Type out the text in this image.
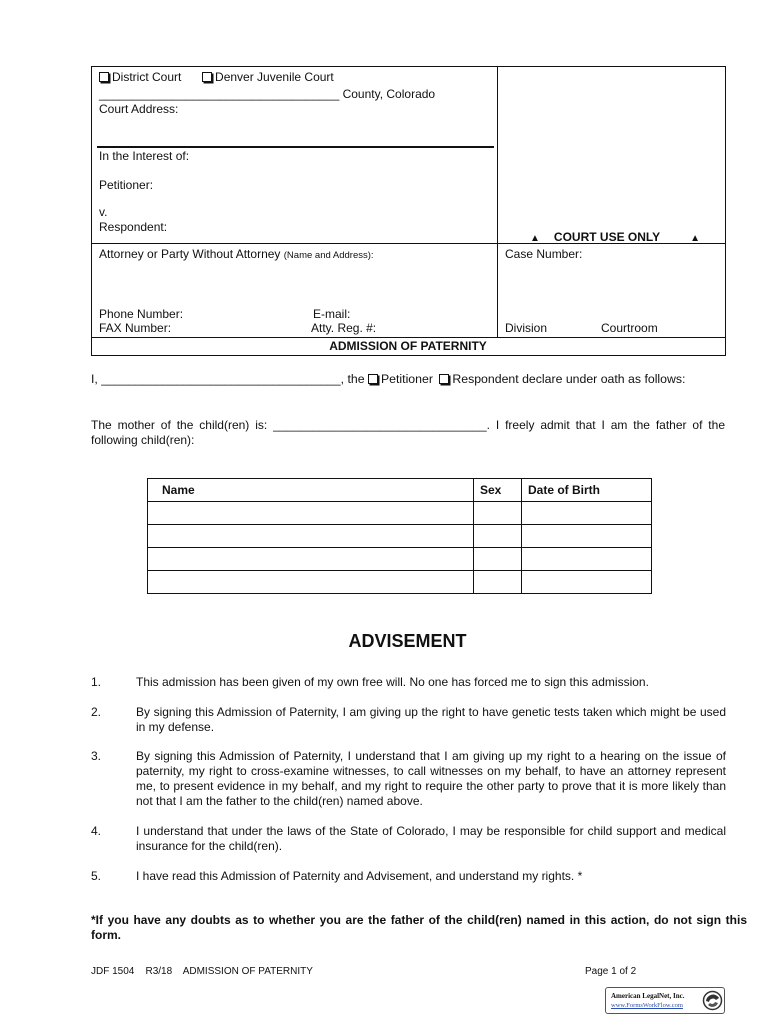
District Court	Denver Juvenile Court
____________________________________ County, Colorado
Court Address:
In the Interest of:
Petitioner:
v.
Respondent:
▲ COURT USE ONLY	▲
Attorney or Party Without Attorney (Name and Address):	Case Number:
Phone Number:	E-mail:
FAX Number:	Atty. Reg. #:	Division	Courtroom
ADMISSION OF PATERNITY
I, ___________________________________, the Petitioner Respondent declare under oath as follows:
The mother of the child(ren) is: ________________________________. I freely admit that I am the father of the following child(ren):
Name	Sex	Date of Birth

ADVISEMENT
1.	This admission has been given of my own free will. No one has forced me to sign this admission.
2.	By signing this Admission of Paternity, I am giving up the right to have genetic tests taken which might be used in my defense.
3.	By signing this Admission of Paternity, I understand that I am giving up my right to a hearing on the issue of paternity, my right to cross-examine witnesses, to call witnesses on my behalf, to have an attorney represent me, to present evidence in my behalf, and my right to require the other party to prove that it is more likely than not that I am the father to the child(ren) named above.
4.	I understand that under the laws of the State of Colorado, I may be responsible for child support and medical insurance for the child(ren).
5.	I have read this Admission of Paternity and Advisement, and understand my rights. *
*If you have any doubts as to whether you are the father of the child(ren) named in this action, do not sign this form.
JDF 1504    R3/18    ADMISSION OF PATERNITY	Page 1 of 2
American LegalNet, Inc.
www.FormsWorkFlow.com
